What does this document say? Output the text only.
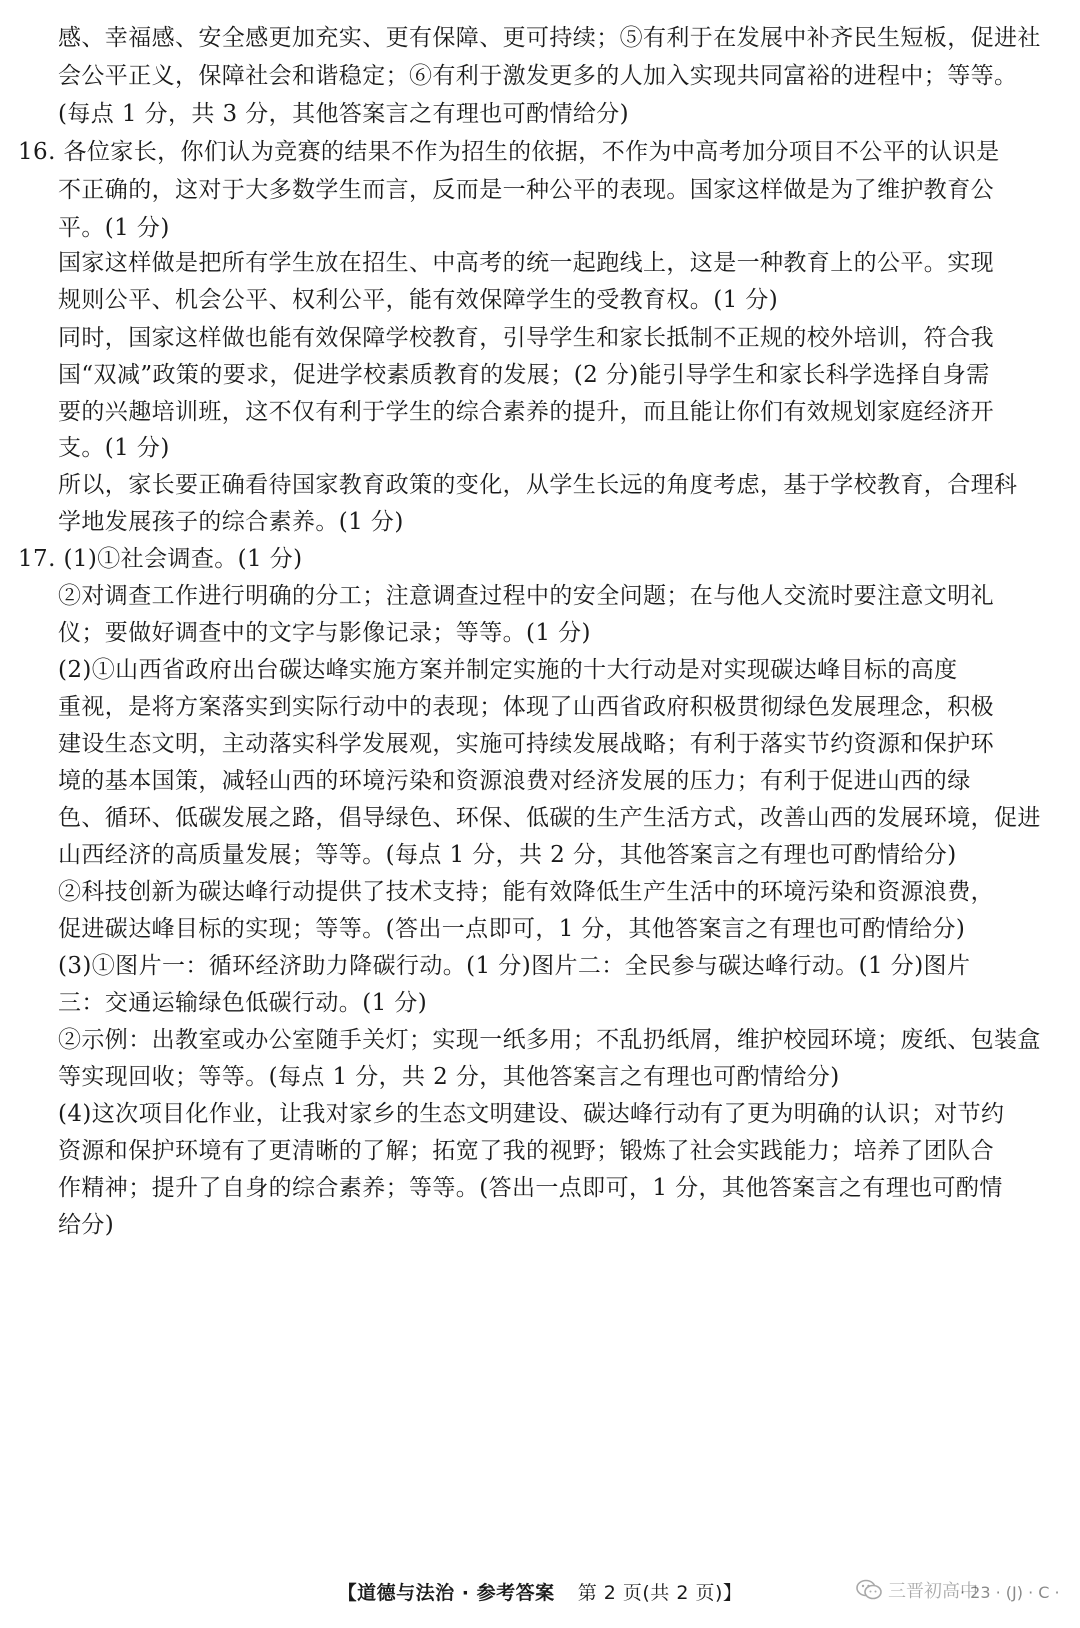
感、幸福感、安全感更加充实、更有保障、更可持续；⑤有利于在发展中补齐民生短板，促进社
会公平正义，保障社会和谐稳定；⑥有利于激发更多的人加入实现共同富裕的进程中；等等。
(每点 1 分，共 3 分，其他答案言之有理也可酌情给分)
16. 各位家长，你们认为竞赛的结果不作为招生的依据，不作为中高考加分项目不公平的认识是
不正确的，这对于大多数学生而言，反而是一种公平的表现。国家这样做是为了维护教育公
平。(1 分)
国家这样做是把所有学生放在招生、中高考的统一起跑线上，这是一种教育上的公平。实现
规则公平、机会公平、权利公平，能有效保障学生的受教育权。(1 分)
同时，国家这样做也能有效保障学校教育，引导学生和家长抵制不正规的校外培训，符合我
国“双减”政策的要求，促进学校素质教育的发展；(2 分)能引导学生和家长科学选择自身需
要的兴趣培训班，这不仅有利于学生的综合素养的提升，而且能让你们有效规划家庭经济开
支。(1 分)
所以，家长要正确看待国家教育政策的变化，从学生长远的角度考虑，基于学校教育，合理科
学地发展孩子的综合素养。(1 分)
17. (1)①社会调查。(1 分)
②对调查工作进行明确的分工；注意调查过程中的安全问题；在与他人交流时要注意文明礼
仪；要做好调查中的文字与影像记录；等等。(1 分)
(2)①山西省政府出台碳达峰实施方案并制定实施的十大行动是对实现碳达峰目标的高度
重视，是将方案落实到实际行动中的表现；体现了山西省政府积极贯彻绿色发展理念，积极
建设生态文明，主动落实科学发展观，实施可持续发展战略；有利于落实节约资源和保护环
境的基本国策，减轻山西的环境污染和资源浪费对经济发展的压力；有利于促进山西的绿
色、循环、低碳发展之路，倡导绿色、环保、低碳的生产生活方式，改善山西的发展环境，促进
山西经济的高质量发展；等等。(每点 1 分，共 2 分，其他答案言之有理也可酌情给分)
②科技创新为碳达峰行动提供了技术支持；能有效降低生产生活中的环境污染和资源浪费，
促进碳达峰目标的实现；等等。(答出一点即可，1 分，其他答案言之有理也可酌情给分)
(3)①图片一：循环经济助力降碳行动。(1 分)图片二：全民参与碳达峰行动。(1 分)图片
三：交通运输绿色低碳行动。(1 分)
②示例：出教室或办公室随手关灯；实现一纸多用；不乱扔纸屑，维护校园环境；废纸、包装盒
等实现回收；等等。(每点 1 分，共 2 分，其他答案言之有理也可酌情给分)
(4)这次项目化作业，让我对家乡的生态文明建设、碳达峰行动有了更为明确的认识；对节约
资源和保护环境有了更清晰的了解；拓宽了我的视野；锻炼了社会实践能力；培养了团队合
作精神；提升了自身的综合素养；等等。(答出一点即可，1 分，其他答案言之有理也可酌情
给分)
【道德与法治 · 参考答案 第 2 页(共 2 页)】	三晋初高中
· 23 · (J) · C ·
